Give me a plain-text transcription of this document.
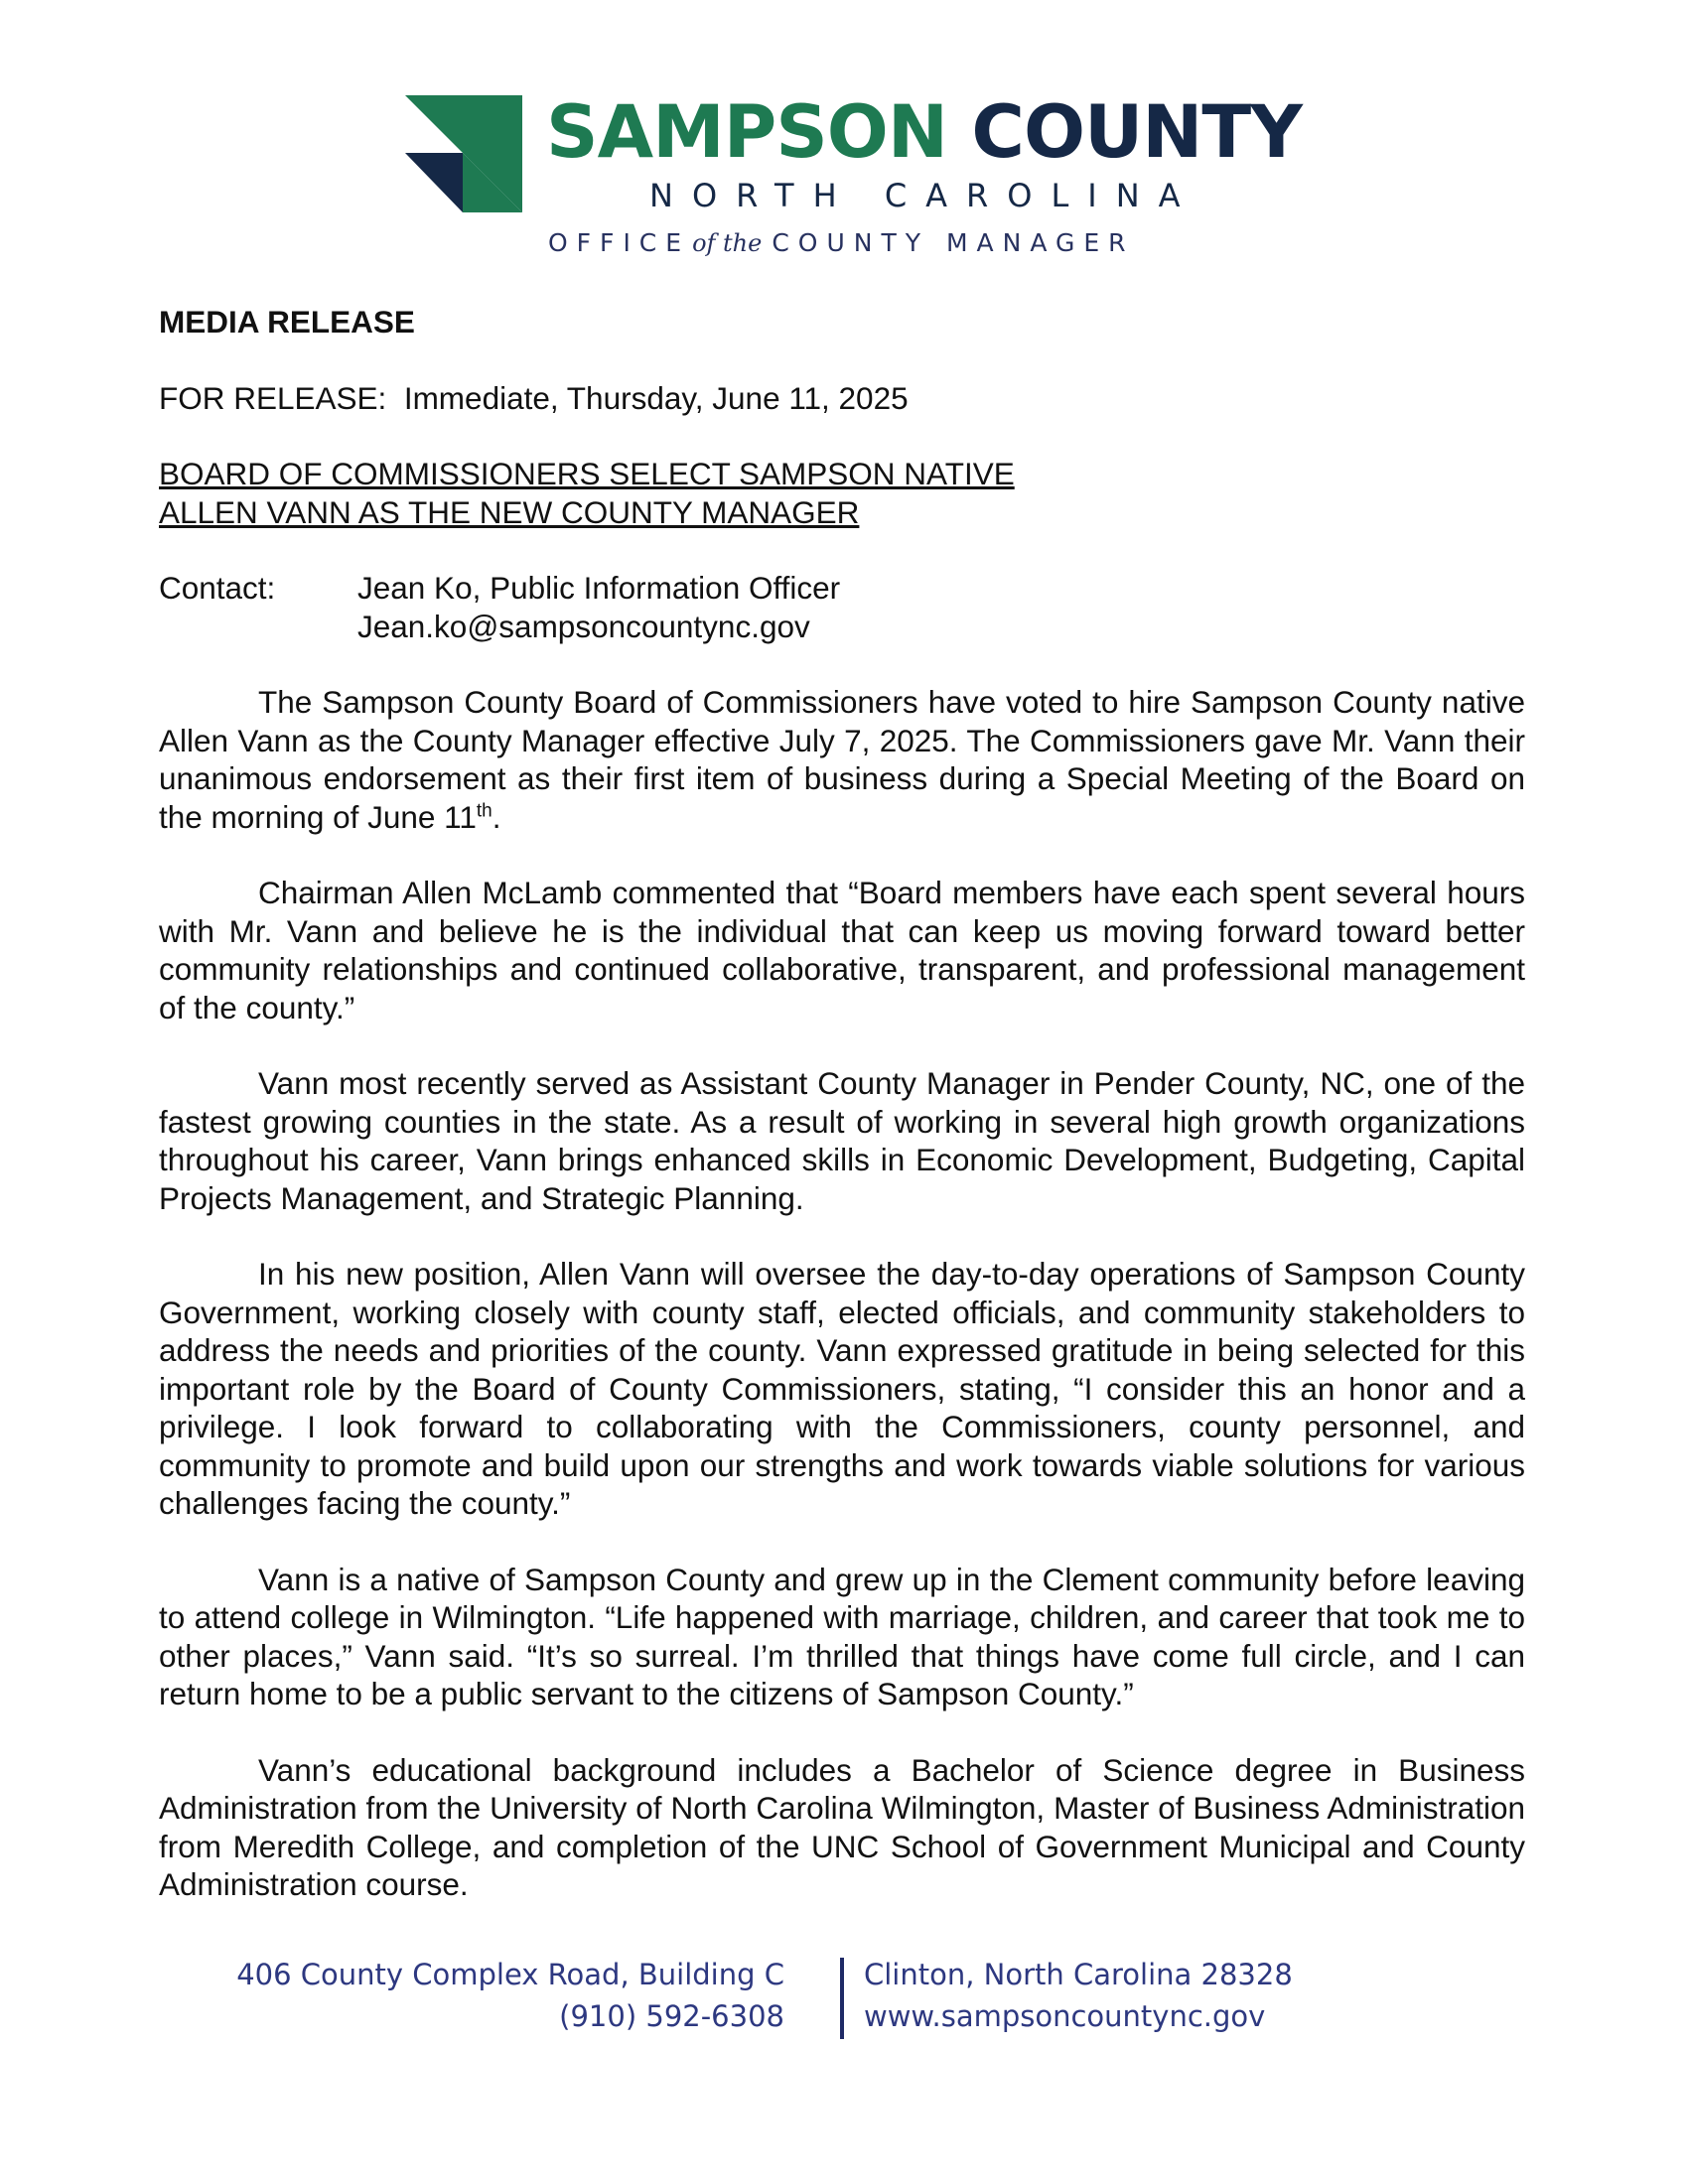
SAMPSON COUNTY
NORTH CAROLINA
OFFICEof the COUNTY MANAGER
MEDIA RELEASE
FOR RELEASE:  Immediate, Thursday, June 11, 2025
BOARD OF COMMISSIONERS SELECT SAMPSON NATIVE
ALLEN VANN AS THE NEW COUNTY MANAGER
Contact:	Jean Ko, Public Information Officer
Jean.ko@sampsoncountync.gov

The Sampson County Board of Commissioners have voted to hire Sampson County native Allen Vann as the County Manager effective July 7, 2025. The Commissioners gave Mr. Vann their unanimous endorsement as their first item of business during a Special Meeting of the Board on the morning of June 11th.

Chairman Allen McLamb commented that “Board members have each spent several hours with Mr. Vann and believe he is the individual that can keep us moving forward toward better community relationships and continued collaborative, transparent, and professional management of the county.”

Vann most recently served as Assistant County Manager in Pender County, NC, one of the fastest growing counties in the state. As a result of working in several high growth organizations throughout his career, Vann brings enhanced skills in Economic Development, Budgeting, Capital Projects Management, and Strategic Planning.

In his new position, Allen Vann will oversee the day-to-day operations of Sampson County Government, working closely with county staff, elected officials, and community stakeholders to address the needs and priorities of the county. Vann expressed gratitude in being selected for this important role by the Board of County Commissioners, stating, “I consider this an honor and a privilege. I look forward to collaborating with the Commissioners, county personnel, and community to promote and build upon our strengths and work towards viable solutions for various challenges facing the county.”

Vann is a native of Sampson County and grew up in the Clement community before leaving to attend college in Wilmington. “Life happened with marriage, children, and career that took me to other places,” Vann said. “It’s so surreal. I’m thrilled that things have come full circle, and I can return home to be a public servant to the citizens of Sampson County.”

Vann’s educational background includes a Bachelor of Science degree in Business Administration from the University of North Carolina Wilmington, Master of Business Administration from Meredith College, and completion of the UNC School of Government Municipal and County Administration course.

406 County Complex Road, Building C
(910) 592-6308
Clinton, North Carolina 28328
www.sampsoncountync.gov
